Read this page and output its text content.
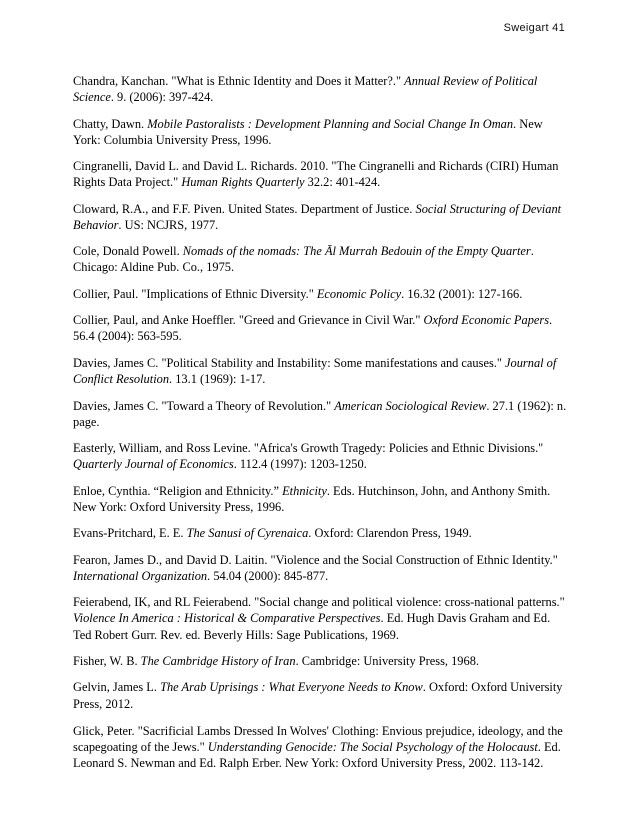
Sweigart 41
Chandra, Kanchan. "What is Ethnic Identity and Does it Matter?." Annual Review of Political Science. 9. (2006): 397-424.
Chatty, Dawn. Mobile Pastoralists : Development Planning and Social Change In Oman. New York: Columbia University Press, 1996.
Cingranelli, David L. and David L. Richards. 2010. "The Cingranelli and Richards (CIRI) Human Rights Data Project." Human Rights Quarterly 32.2: 401-424.
Cloward, R.A., and F.F. Piven. United States. Department of Justice. Social Structuring of Deviant Behavior. US: NCJRS, 1977.
Cole, Donald Powell. Nomads of the nomads: The Āl Murrah Bedouin of the Empty Quarter. Chicago: Aldine Pub. Co., 1975.
Collier, Paul. "Implications of Ethnic Diversity." Economic Policy. 16.32 (2001): 127-166.
Collier, Paul, and Anke Hoeffler. "Greed and Grievance in Civil War." Oxford Economic Papers. 56.4 (2004): 563-595.
Davies, James C. "Political Stability and Instability: Some manifestations and causes." Journal of Conflict Resolution. 13.1 (1969): 1-17.
Davies, James C. "Toward a Theory of Revolution." American Sociological Review. 27.1 (1962): n. page.
Easterly, William, and Ross Levine. "Africa's Growth Tragedy: Policies and Ethnic Divisions." Quarterly Journal of Economics. 112.4 (1997): 1203-1250.
Enloe, Cynthia. “Religion and Ethnicity.” Ethnicity. Eds. Hutchinson, John, and Anthony Smith. New York: Oxford University Press, 1996.
Evans-Pritchard, E. E. The Sanusi of Cyrenaica. Oxford: Clarendon Press, 1949.
Fearon, James D., and David D. Laitin. "Violence and the Social Construction of Ethnic Identity." International Organization. 54.04 (2000): 845-877.
Feierabend, IK, and RL Feierabend. "Social change and political violence: cross-national patterns." Violence In America : Historical & Comparative Perspectives. Ed. Hugh Davis Graham and Ed. Ted Robert Gurr. Rev. ed. Beverly Hills: Sage Publications, 1969.
Fisher, W. B. The Cambridge History of Iran. Cambridge: University Press, 1968.
Gelvin, James L. The Arab Uprisings : What Everyone Needs to Know. Oxford: Oxford University Press, 2012.
Glick, Peter. "Sacrificial Lambs Dressed In Wolves' Clothing: Envious prejudice, ideology, and the scapegoating of the Jews." Understanding Genocide: The Social Psychology of the Holocaust. Ed. Leonard S. Newman and Ed. Ralph Erber. New York: Oxford University Press, 2002. 113-142.
